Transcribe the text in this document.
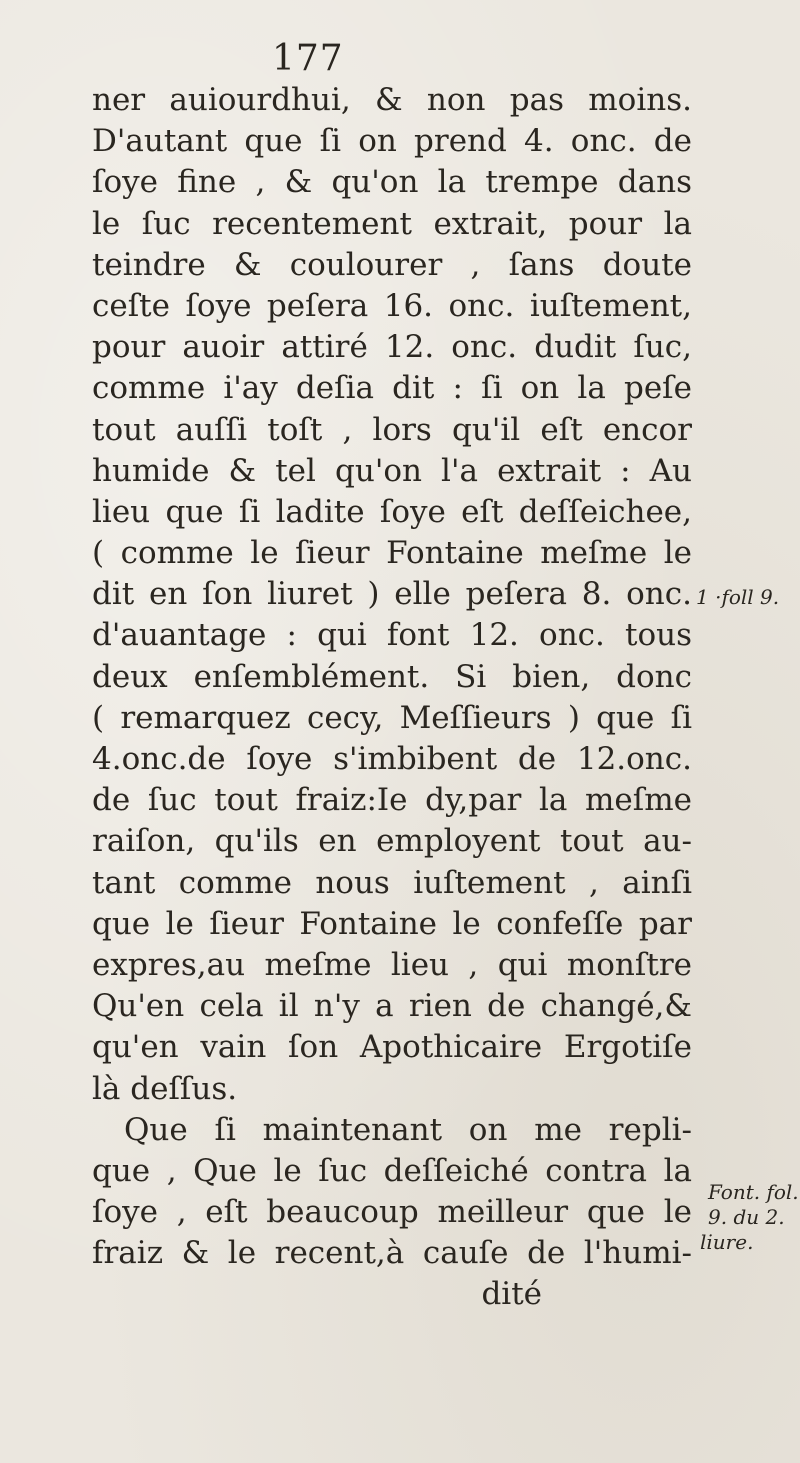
177
ner auiourdhui, & non pas moins.
D'autant que ſi on prend 4. onc. de
ſoye fine , & qu'on la trempe dans
le ſuc recentement extrait, pour la
teindre & coulourer , ſans doute
ceſte ſoye peſera 16. onc. iuſtement,
pour auoir attiré 12. onc. dudit ſuc,
comme i'ay deſia dit : ſi on la peſe
tout auſſi toſt , lors qu'il eſt encor
humide & tel qu'on l'a extrait : Au
lieu que ſi ladite ſoye eſt deſſeichee,
( comme le ſieur Fontaine meſme le
dit en ſon liuret ) elle peſera 8. onc.
d'auantage : qui font 12. onc. tous
deux enſemblément. Si bien, donc
( remarquez cecy, Meſſieurs ) que ſi
4.onc.de ſoye s'imbibent de 12.onc.
de ſuc tout fraiz:Ie dy,par la meſme
raiſon, qu'ils en employent tout au-
tant comme nous iuſtement , ainſi
que le ſieur Fontaine le confeſſe par
expres,au meſme lieu , qui monſtre
Qu'en cela il n'y a rien de changé,&
qu'en vain ſon Apothicaire Ergotiſe
là deſſus.
Que ſi maintenant on me repli-
que , Que le ſuc deſſeiché contra la
ſoye , eſt beaucoup meilleur que le
fraiz & le recent,à cauſe de l'humi-
dité
1 ·foll 9.
Font. fol.
9. du 2.
liure.
